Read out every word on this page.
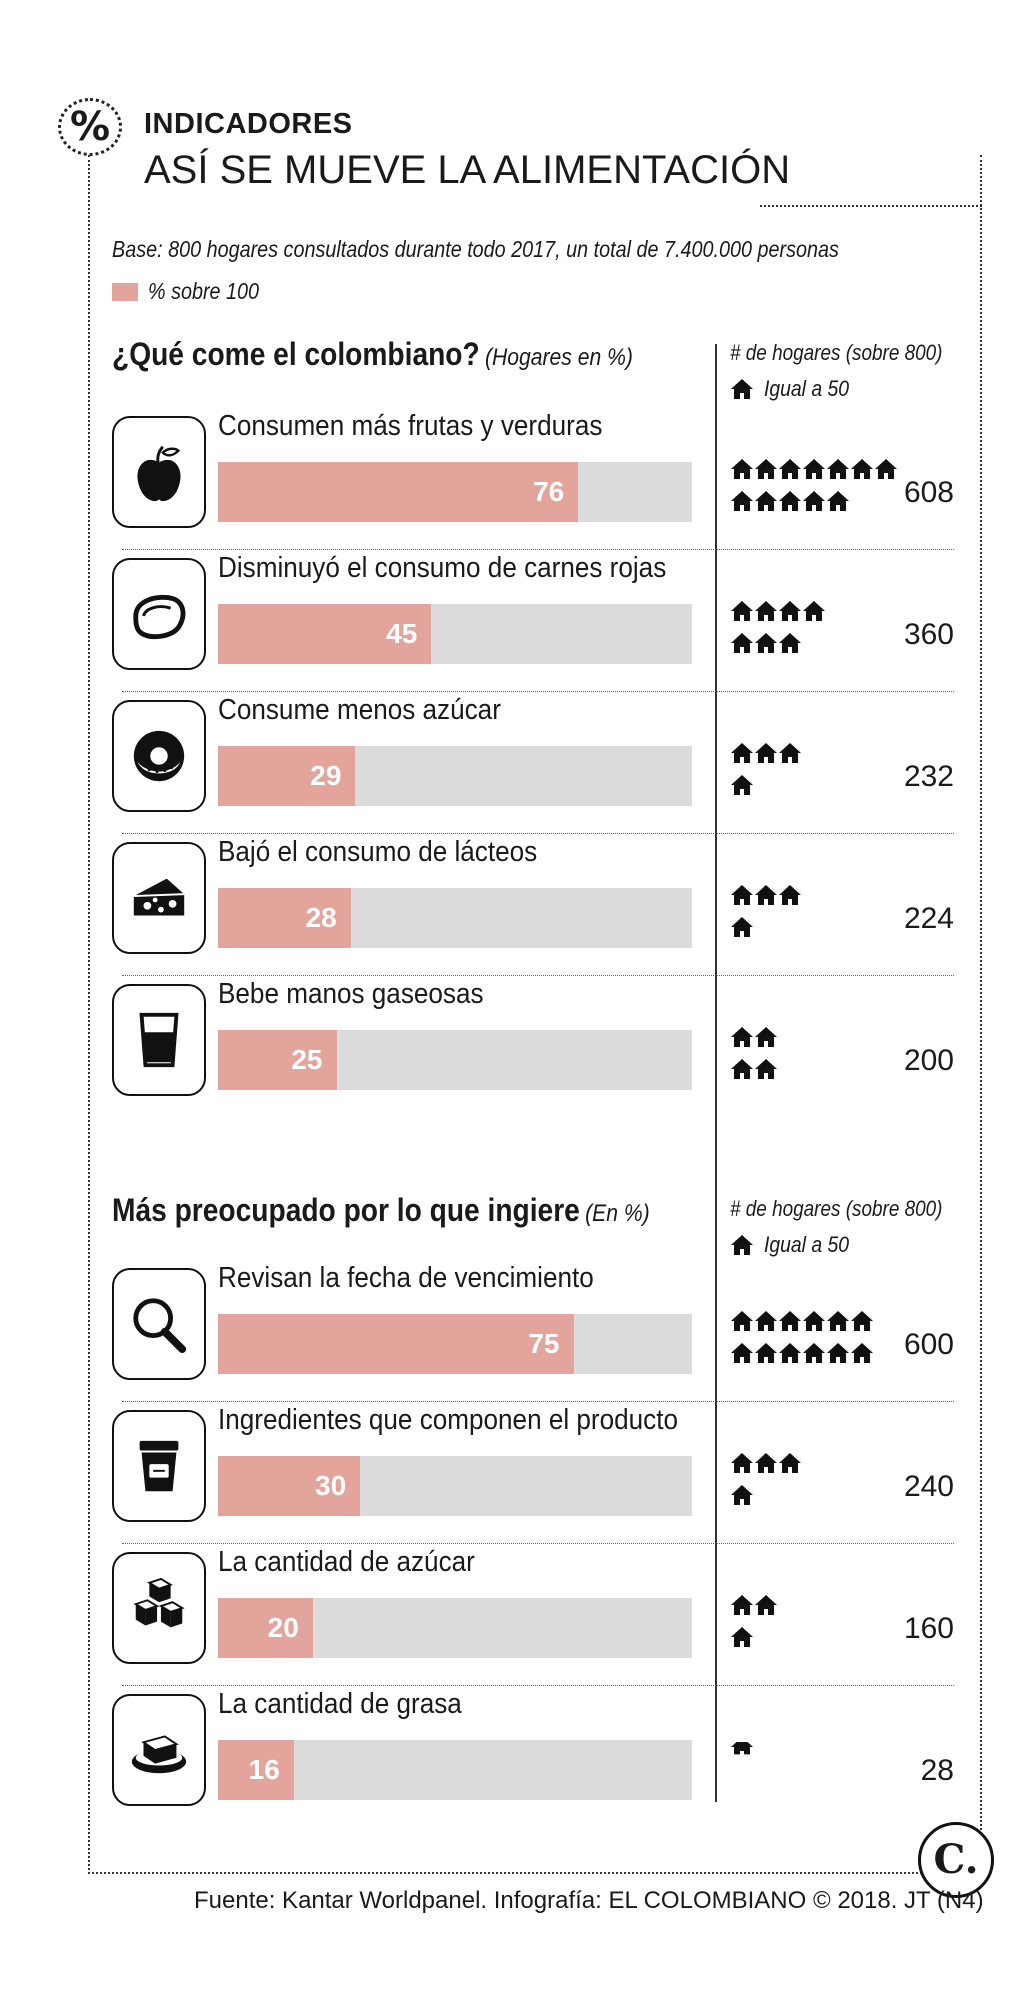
% INDICADORES
ASÍ SE MUEVE LA ALIMENTACIÓN
Base: 800 hogares consultados durante todo 2017, un total de 7.400.000 personas
% sobre 100
¿Qué come el colombiano? (Hogares en %)	# de hogares (sobre 800)
Igual a 50
Consumen más frutas y verduras
76	608
Disminuyó el consumo de carnes rojas
45	360
Consume menos azúcar
29	232
Bajó el consumo de lácteos
28	224
Bebe manos gaseosas
25	200
Más preocupado por lo que ingiere (En %)	# de hogares (sobre 800)
Igual a 50
Revisan la fecha de vencimiento
75	600
Ingredientes que componen el producto
30	240
La cantidad de azúcar
20	160
La cantidad de grasa
16	28
C.
Fuente: Kantar Worldpanel. Infografía: EL COLOMBIANO © 2018. JT (N4)
